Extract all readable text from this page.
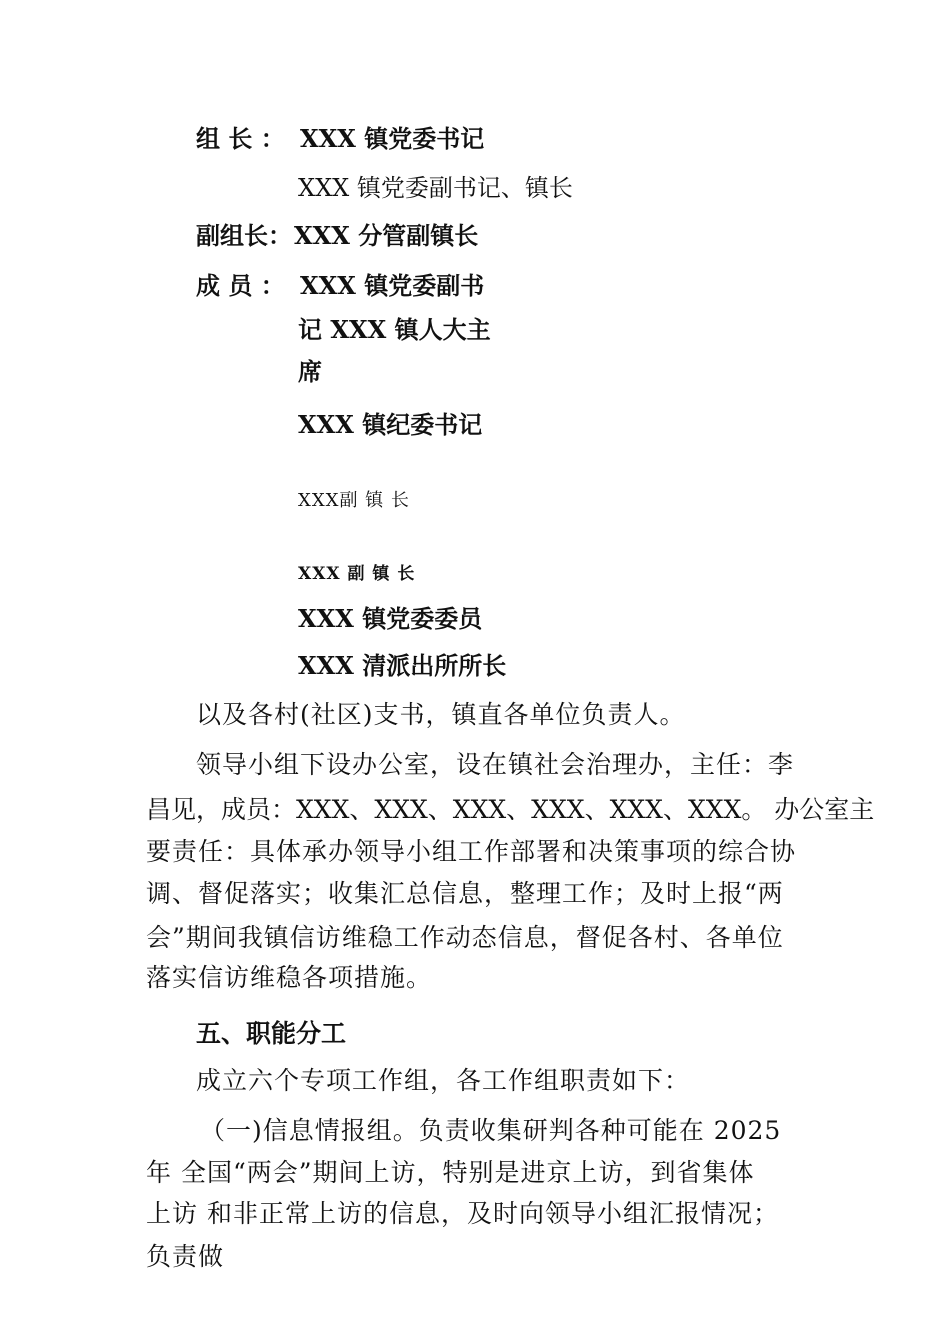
组 长 ： XXX 镇党委书记
XXX 镇党委副书记、镇长
副组长： XXX 分管副镇长
成 员 ： XXX 镇党委副书
记 XXX 镇人大主
席
XXX 镇纪委书记
XXX副 镇 长
XXX 副 镇 长
XXX 镇党委委员
XXX 清派出所所长
以及各村(社区)支书，镇直各单位负责人。
领导小组下设办公室，设在镇社会治理办，主任：李
昌见，成员：XXX、XXX、XXX、XXX、XXX、XXX。 办公室主
要责任：具体承办领导小组工作部署和决策事项的综合协
调、督促落实；收集汇总信息，整理工作；及时上报“两
会”期间我镇信访维稳工作动态信息，督促各村、各单位
落实信访维稳各项措施。
五、职能分工
成立六个专项工作组，各工作组职责如下：
（一)信息情报组。负责收集研判各种可能在 2025
年 全国“两会”期间上访，特别是进京上访，到省集体
上访 和非正常上访的信息，及时向领导小组汇报情况；
负责做
